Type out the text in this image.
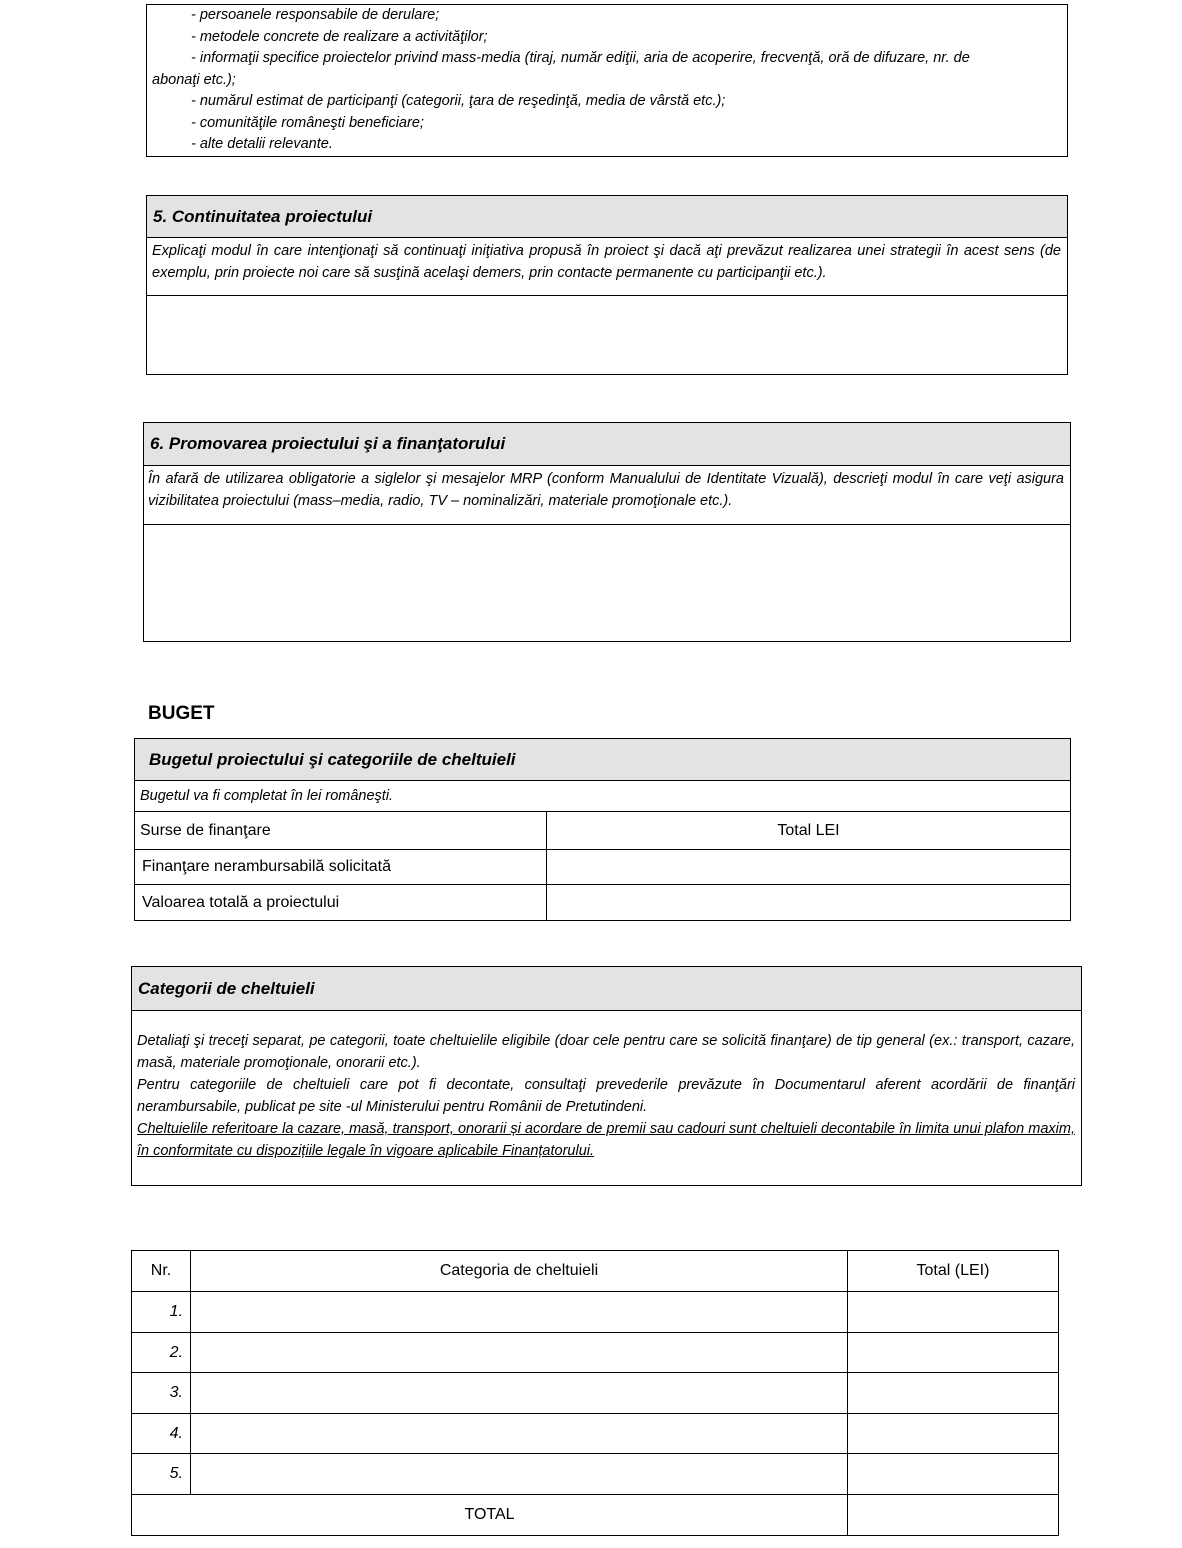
- persoanele responsabile de derulare;
- metodele concrete de realizare a activităţilor;
- informaţii specifice proiectelor privind mass-media (tiraj, număr ediţii, aria de acoperire, frecvenţă, oră de difuzare, nr. de
abonaţi etc.);
- numărul estimat de participanţi (categorii, ţara de reşedinţă, media de vârstă etc.);
- comunităţile româneşti beneficiare;
- alte detalii relevante.
5. Continuitatea proiectului
Explicaţi modul în care intenţionaţi să continuaţi iniţiativa propusă în proiect şi dacă aţi prevăzut realizarea unei strategii în acest sens (de exemplu, prin proiecte noi care să susţină acelaşi demers, prin contacte permanente cu participanţii etc.).
6. Promovarea proiectului şi a finanţatorului
În afară de utilizarea obligatorie a siglelor şi mesajelor MRP (conform Manualului de Identitate Vizuală), descrieţi modul în care veţi asigura vizibilitatea proiectului (mass–media, radio, TV – nominalizări, materiale promoţionale etc.).
BUGET
Bugetul proiectului şi categoriile de cheltuieli	
Bugetul va fi completat în lei româneşti.	
Surse de finanţare	Total LEI
Finanţare nerambursabilă solicitată	
Valoarea totală a proiectului	
Categorii de cheltuieli
Detaliaţi şi treceţi separat, pe categorii, toate cheltuielile eligibile (doar cele pentru care se solicită finanţare) de tip general (ex.: transport, cazare, masă, materiale promoţionale, onorarii etc.).
Pentru categoriile de cheltuieli care pot fi decontate, consultaţi prevederile prevăzute în Documentarul aferent acordării de finanţări nerambursabile, publicat pe site -ul Ministerului pentru Românii de Pretutindeni.
Cheltuielile referitoare la cazare, masă, transport, onorarii și acordare de premii sau cadouri sunt cheltuieli decontabile în limita unui plafon maxim, în conformitate cu dispozițiile legale în vigoare aplicabile Finanțatorului.
Nr.	Categoria de cheltuieli	Total (LEI)
1.		
2.		
3.		
4.		
5.		
TOTAL		
